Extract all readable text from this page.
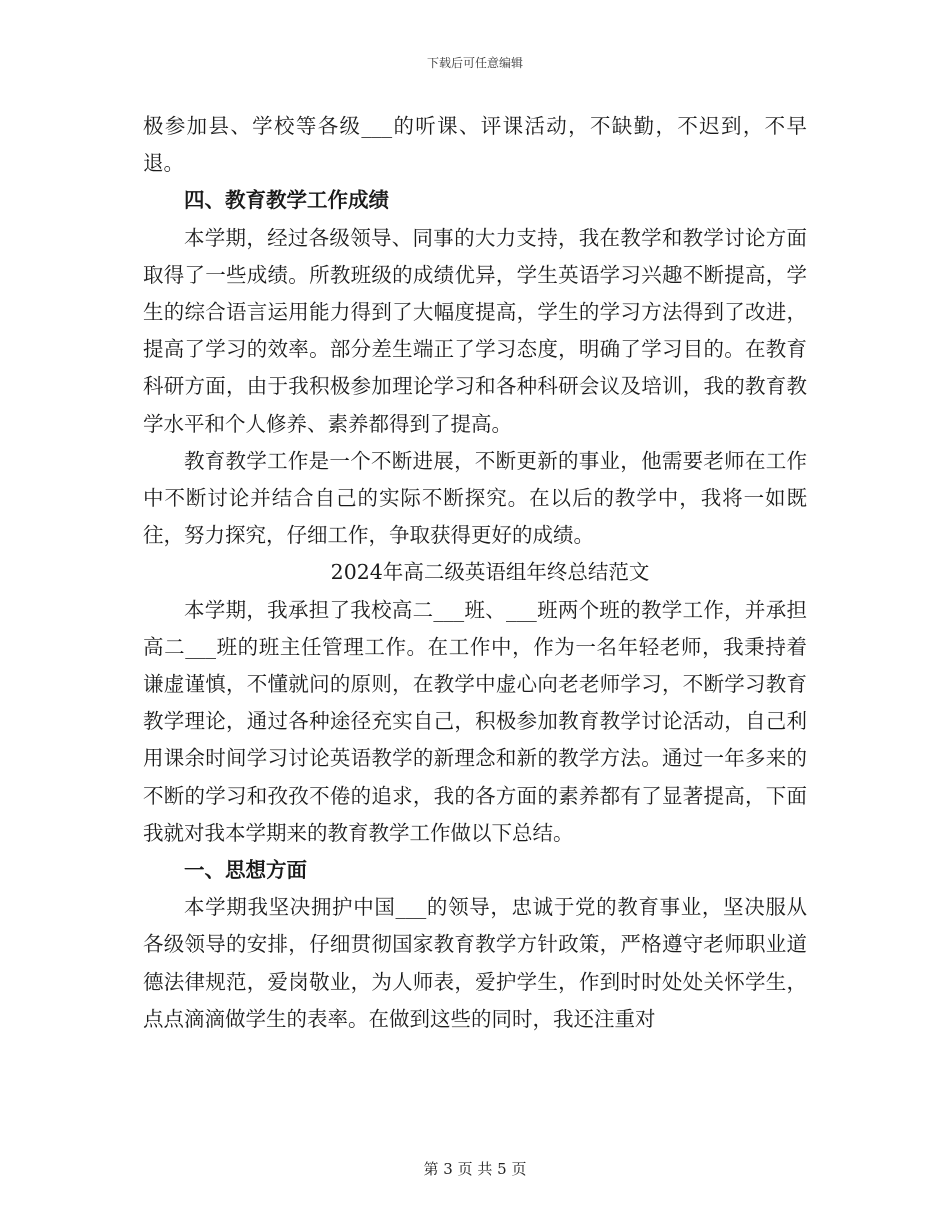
下载后可任意编辑

极参加县、学校等各级___的听课、评课活动，不缺勤，不迟到，不早退。

四、教育教学工作成绩

本学期，经过各级领导、同事的大力支持，我在教学和教学讨论方面取得了一些成绩。所教班级的成绩优异，学生英语学习兴趣不断提高，学生的综合语言运用能力得到了大幅度提高，学生的学习方法得到了改进，提高了学习的效率。部分差生端正了学习态度，明确了学习目的。在教育科研方面，由于我积极参加理论学习和各种科研会议及培训，我的教育教学水平和个人修养、素养都得到了提高。

教育教学工作是一个不断进展，不断更新的事业，他需要老师在工作中不断讨论并结合自己的实际不断探究。在以后的教学中，我将一如既往，努力探究，仔细工作，争取获得更好的成绩。

2024年高二级英语组年终总结范文

本学期，我承担了我校高二___班、___班两个班的教学工作，并承担高二___班的班主任管理工作。在工作中，作为一名年轻老师，我秉持着谦虚谨慎，不懂就问的原则，在教学中虚心向老老师学习，不断学习教育教学理论，通过各种途径充实自己，积极参加教育教学讨论活动，自己利用课余时间学习讨论英语教学的新理念和新的教学方法。通过一年多来的不断的学习和孜孜不倦的追求，我的各方面的素养都有了显著提高，下面我就对我本学期来的教育教学工作做以下总结。

一、思想方面

本学期我坚决拥护中国___的领导，忠诚于党的教育事业，坚决服从各级领导的安排，仔细贯彻国家教育教学方针政策，严格遵守老师职业道德法律规范，爱岗敬业，为人师表，爱护学生，作到时时处处关怀学生，点点滴滴做学生的表率。在做到这些的同时，我还注重对

第 3 页 共 5 页
